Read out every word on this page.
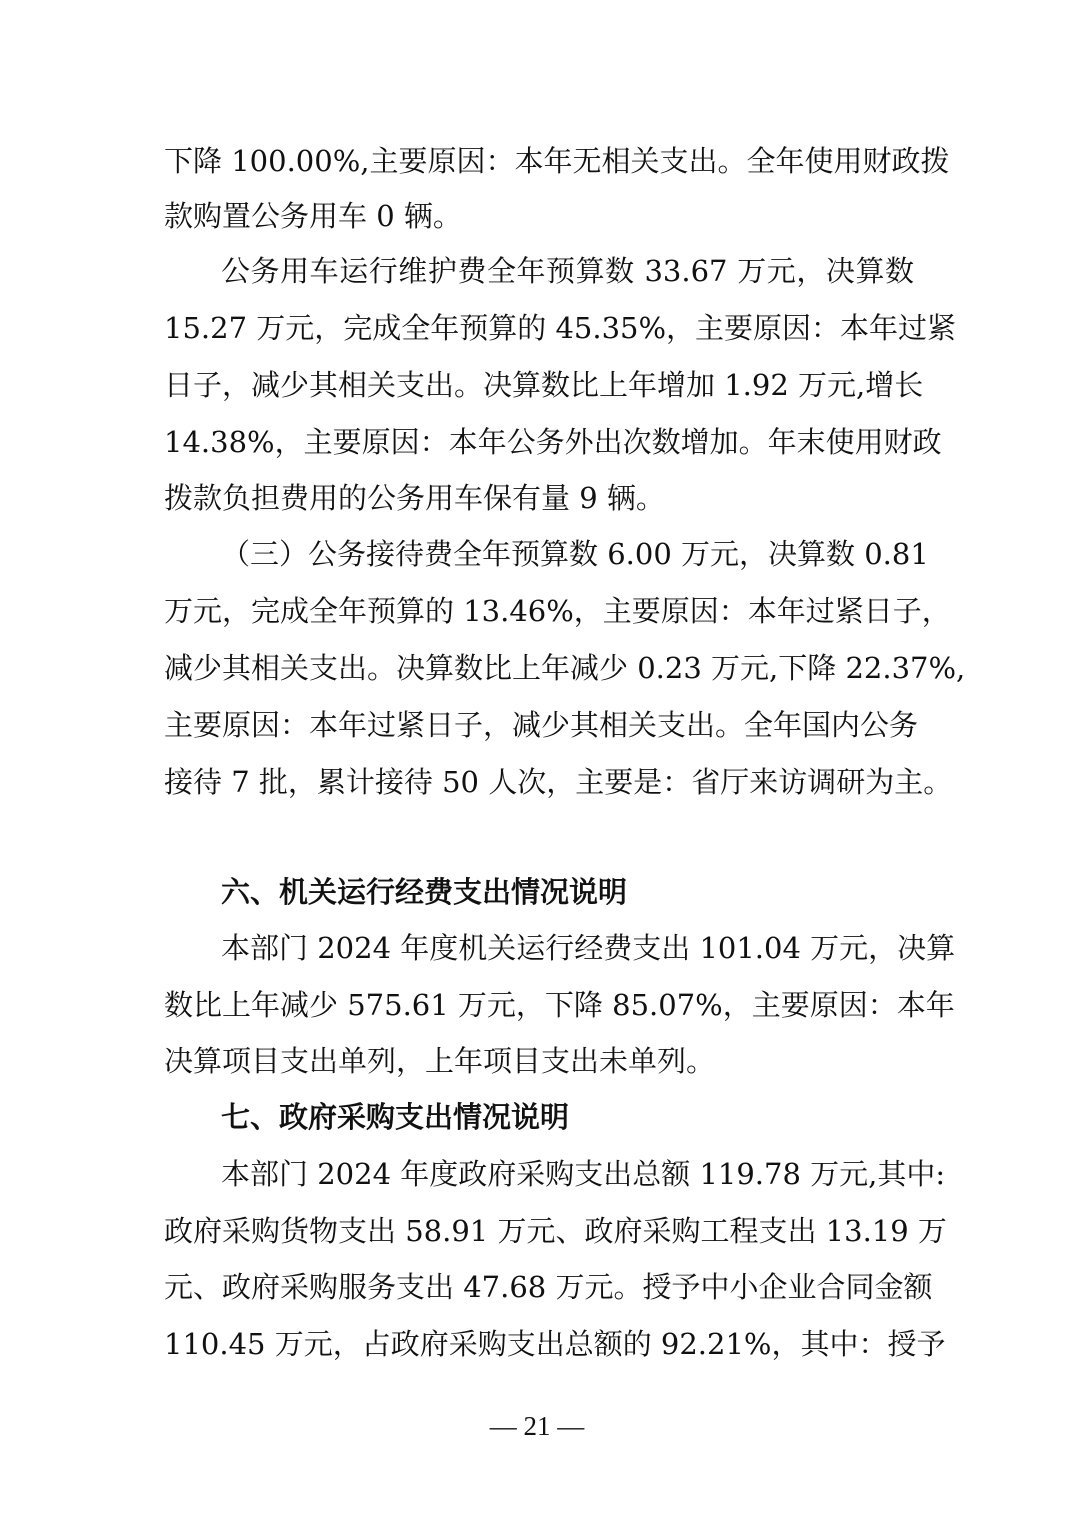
下降 100.00%,主要原因：本年无相关支出。全年使用财政拨
款购置公务用车 0 辆。
公务用车运行维护费全年预算数 33.67 万元，决算数
15.27 万元，完成全年预算的 45.35%，主要原因：本年过紧
日子，减少其相关支出。决算数比上年增加 1.92 万元,增长
14.38%，主要原因：本年公务外出次数增加。年末使用财政
拨款负担费用的公务用车保有量 9 辆。
（三）公务接待费全年预算数 6.00 万元，决算数 0.81
万元，完成全年预算的 13.46%，主要原因：本年过紧日子，
减少其相关支出。决算数比上年减少 0.23 万元,下降 22.37%,
主要原因：本年过紧日子，减少其相关支出。全年国内公务
接待 7 批，累计接待 50 人次，主要是：省厅来访调研为主。
六、机关运行经费支出情况说明
本部门 2024 年度机关运行经费支出 101.04 万元，决算
数比上年减少 575.61 万元，下降 85.07%，主要原因：本年
决算项目支出单列，上年项目支出未单列。
七、政府采购支出情况说明
本部门 2024 年度政府采购支出总额 119.78 万元,其中:
政府采购货物支出 58.91 万元、政府采购工程支出 13.19 万
元、政府采购服务支出 47.68 万元。授予中小企业合同金额
110.45 万元，占政府采购支出总额的 92.21%，其中：授予
— 21 —
